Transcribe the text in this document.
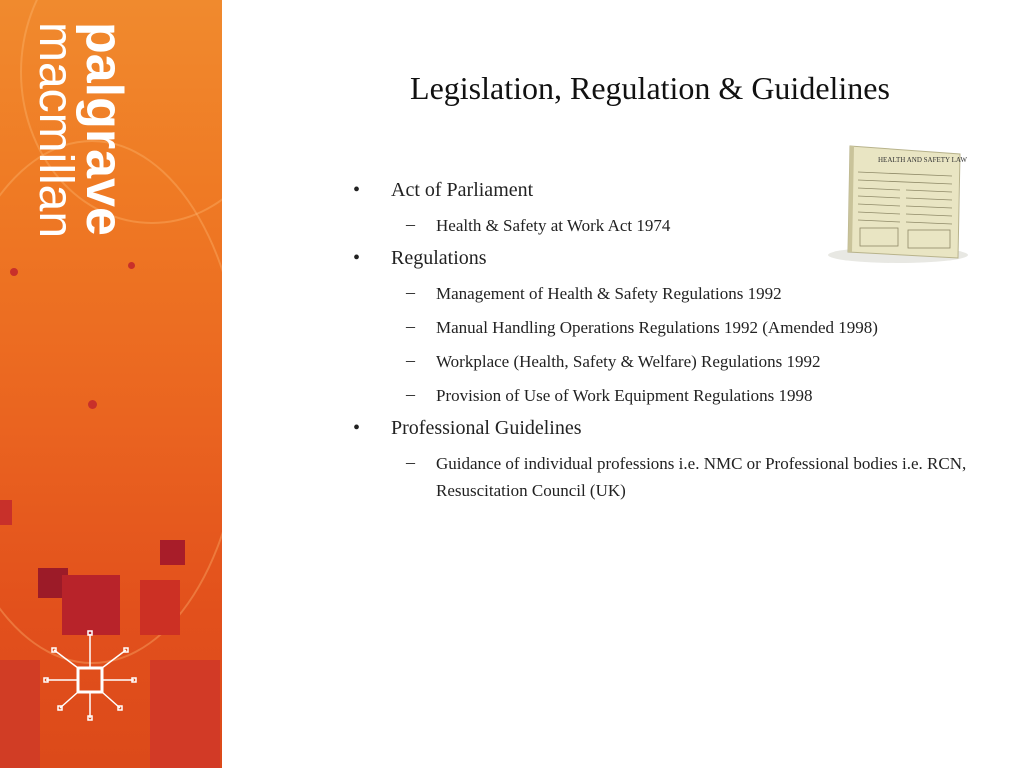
palgrave
macmillan	Legislation, Regulation & Guidelines
HEALTH AND SAFETY LAW
• Act of Parliament
– Health & Safety at Work Act 1974
• Regulations
– Management of Health & Safety Regulations 1992
– Manual Handling Operations Regulations 1992 (Amended 1998)
– Workplace (Health, Safety & Welfare) Regulations 1992
– Provision of Use of Work Equipment Regulations 1998
• Professional Guidelines
– Guidance of individual professions i.e. NMC or Professional bodies i.e. RCN, Resuscitation Council (UK)
